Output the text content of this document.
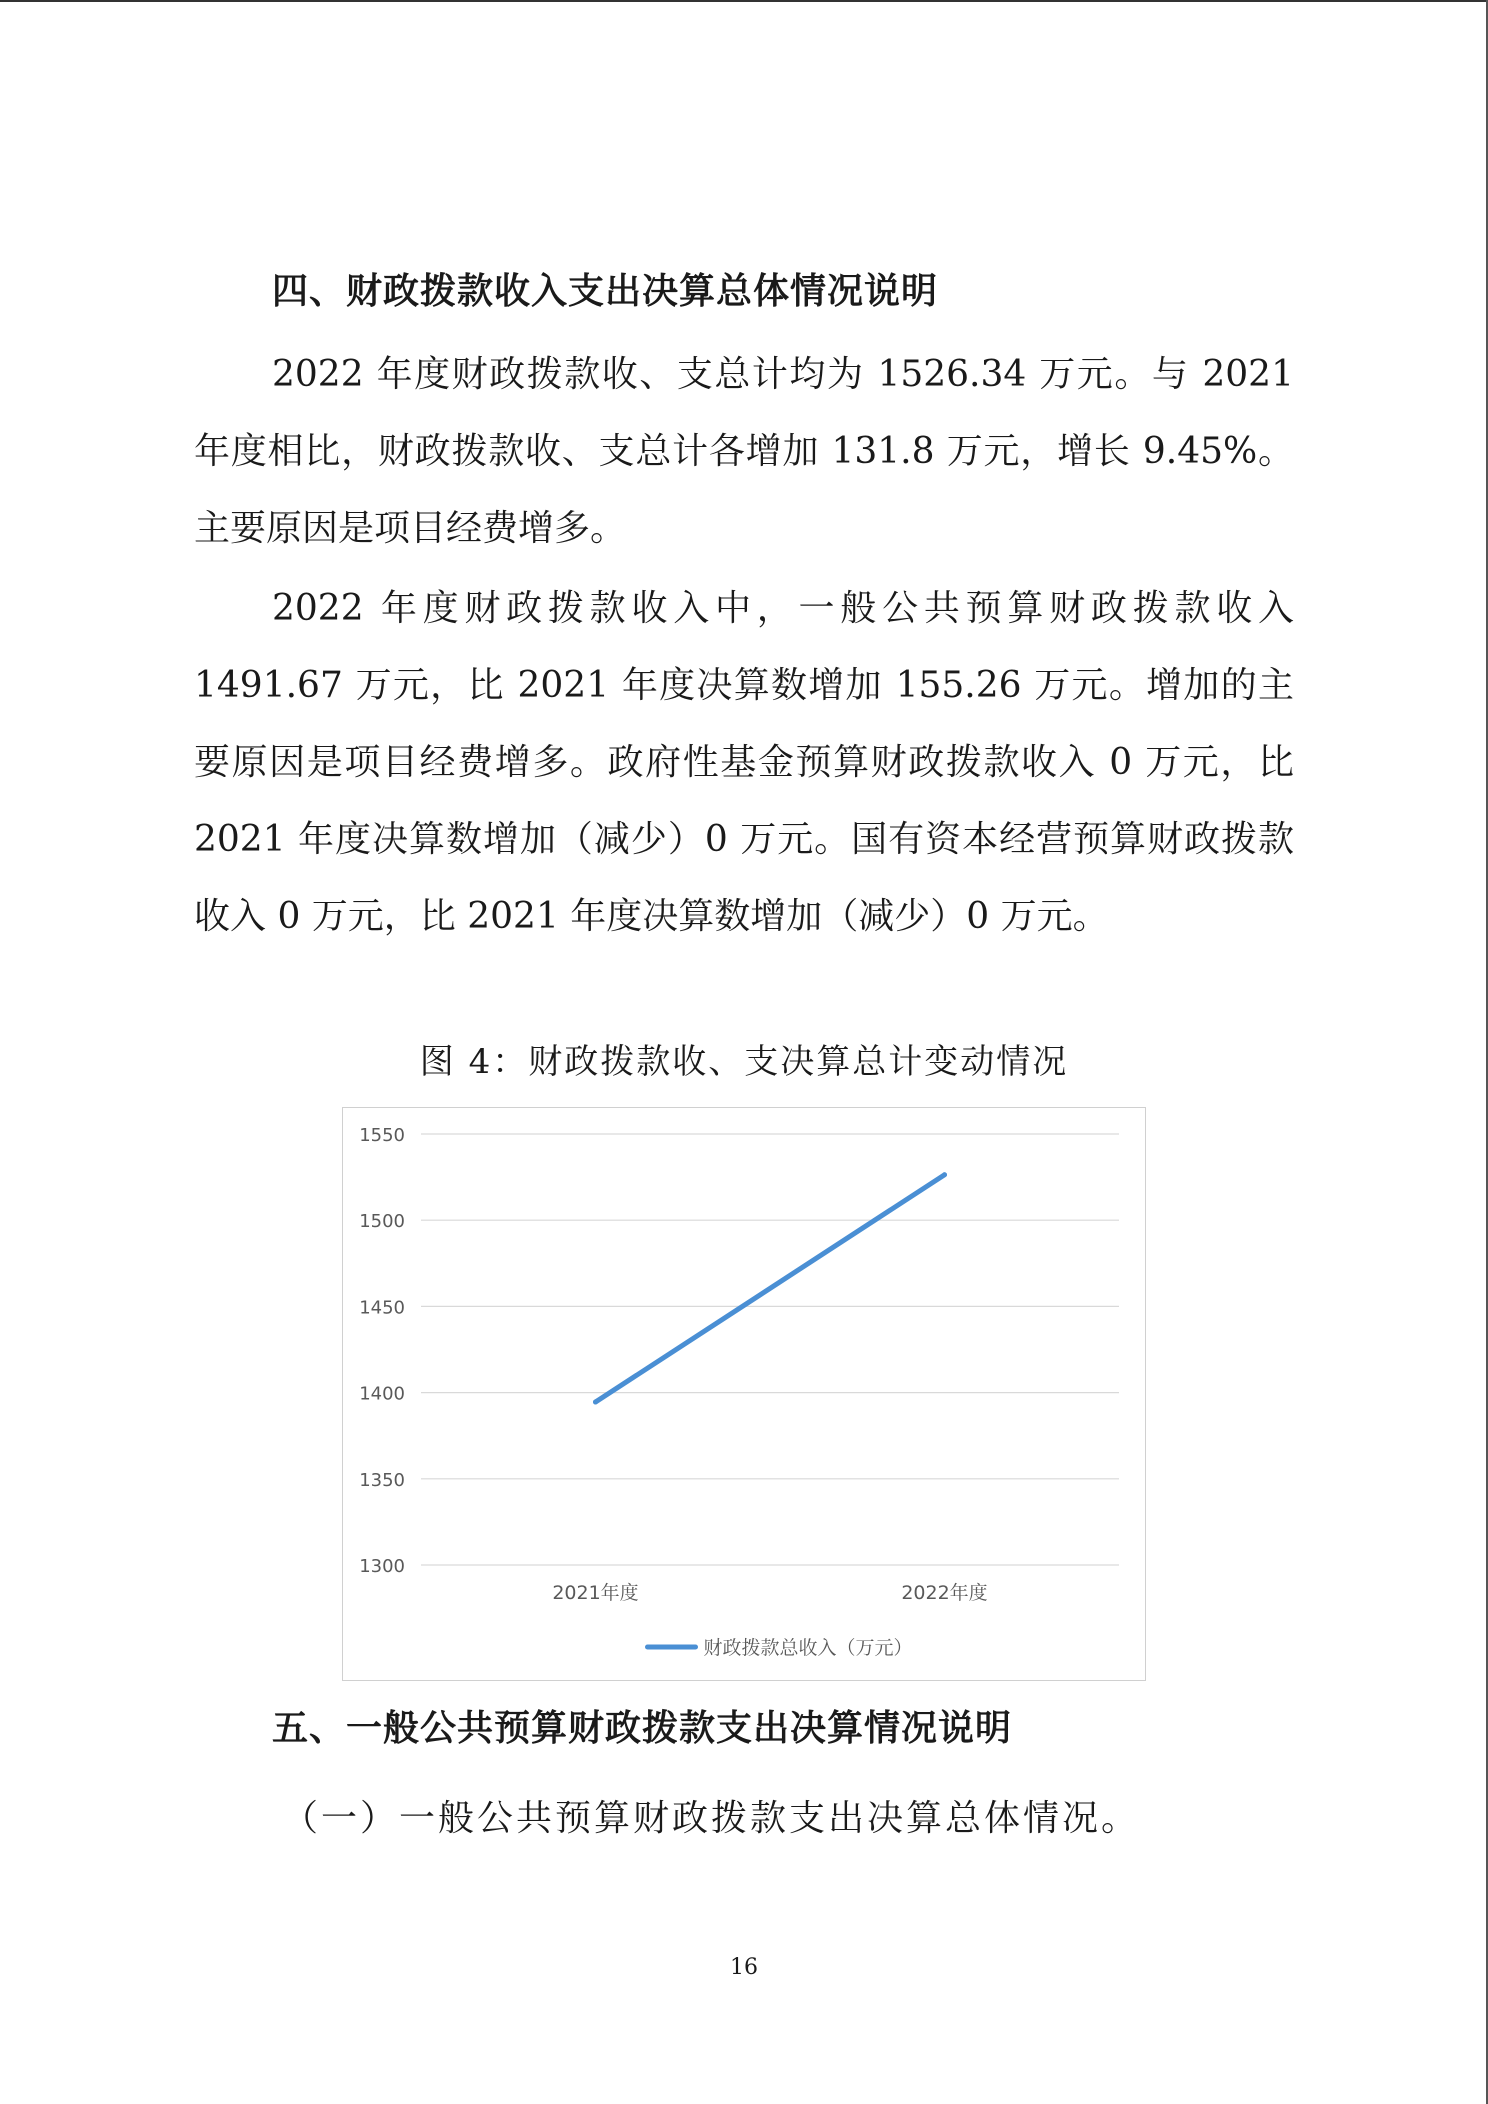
四、财政拨款收入支出决算总体情况说明
2022 年度财政拨款收、支总计均为 1526.34 万元。与 2021 年度相比，财政拨款收、支总计各增加 131.8 万元，增长 9.45%。主要原因是项目经费增多。
2022 年度财政拨款收入中，一般公共预算财政拨款收入 1491.67 万元，比 2021 年度决算数增加 155.26 万元。增加的主要原因是项目经费增多。政府性基金预算财政拨款收入 0 万元，比 2021 年度决算数增加（减少）0 万元。国有资本经营预算财政拨款收入 0 万元，比 2021 年度决算数增加（减少）0 万元。
图 4：财政拨款收、支决算总计变动情况
1300
1350
1400
1450
1500
1550
2021年度	2022年度
财政拨款总收入（万元）
五、一般公共预算财政拨款支出决算情况说明
（一）一般公共预算财政拨款支出决算总体情况。
16
